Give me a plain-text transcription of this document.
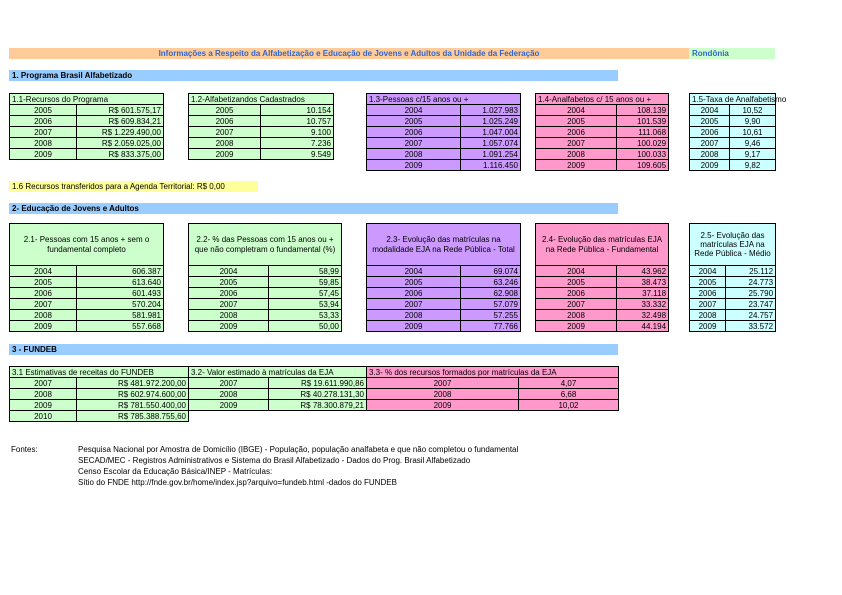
Informações a Respeito da Alfabetização e Educação de Jovens e Adultos da Unidade da Federação	Rondônia
1. Programa Brasil Alfabetizado
1.1-Recursos do Programa	
2005	R$ 601.575,17
2006	R$ 609.834,21
2007	R$ 1.229.490,00
2008	R$ 2.059.025,00
2009	R$ 833.375,00
1.2-Alfabetizandos Cadastrados	
2005	10.154
2006	10.757
2007	9.100
2008	7.236
2009	9.549
1.3-Pessoas c/15 anos ou +	
2004	1.027.983
2005	1.025.249
2006	1.047.004
2007	1.057.074
2008	1.091.254
2009	1.116.450
1.4-Analfabetos c/ 15 anos ou +	
2004	108.139
2005	101.539
2006	111.068
2007	100.029
2008	100.033
2009	109.605
1.5-Taxa de Analfabetismo	
2004	10,52
2005	9,90
2006	10,61
2007	9,46
2008	9,17
2009	9,82
1.6 Recursos transferidos para a Agenda Territorial: R$ 0,00
2- Educação de Jovens e Adultos
2.1- Pessoas com 15 anos + sem o fundamental completo	
2004	606.387
2005	613.640
2006	601.493
2007	570.204
2008	581.981
2009	557.668
2.2- % das Pessoas com 15 anos ou + que não completram o fundamental (%)	
2004	58,99
2005	59,85
2006	57,45
2007	53,94
2008	53,33
2009	50,00
2.3- Evolução das matrículas na modalidade EJA na Rede Pública - Total	
2004	69.074
2005	63.246
2006	62.908
2007	57.079
2008	57.255
2009	77.766
2.4- Evolução das matrículas EJA na Rede Pública - Fundamental	
2004	43.962
2005	38.473
2006	37.118
2007	33.332
2008	32.498
2009	44.194
2.5- Evolução das matrículas EJA na Rede Pública - Médio	
2004	25.112
2005	24.773
2006	25.790
2007	23.747
2008	24.757
2009	33.572
3 - FUNDEB
3.1 Estimativas de receitas do FUNDEB	
2007	R$ 481.972.200,00
2008	R$ 602.974.600,00
2009	R$ 781.550.400,00
2010	R$ 785.388.755,60
3.2- Valor estimado à matrículas da EJA	
2007	R$ 19.611.990,86
2008	R$ 40.278.131,30
2009	R$ 78.300.879,21
3.3- % dos recursos formados por matrículas da EJA	
2007	4,07
2008	6,68
2009	10,02
Fontes:	Pesquisa Nacional por Amostra de Domicílio (IBGE) - População, população analfabeta e que não completou o fundamental
SECAD/MEC - Registros Administrativos e Sistema do Brasil Alfabetizado - Dados do Prog. Brasil Alfabetizado
Censo Escolar da Educação Básica/INEP - Matrículas:
Sítio do FNDE http://fnde.gov.br/home/index.jsp?arquivo=fundeb.html -dados do FUNDEB
